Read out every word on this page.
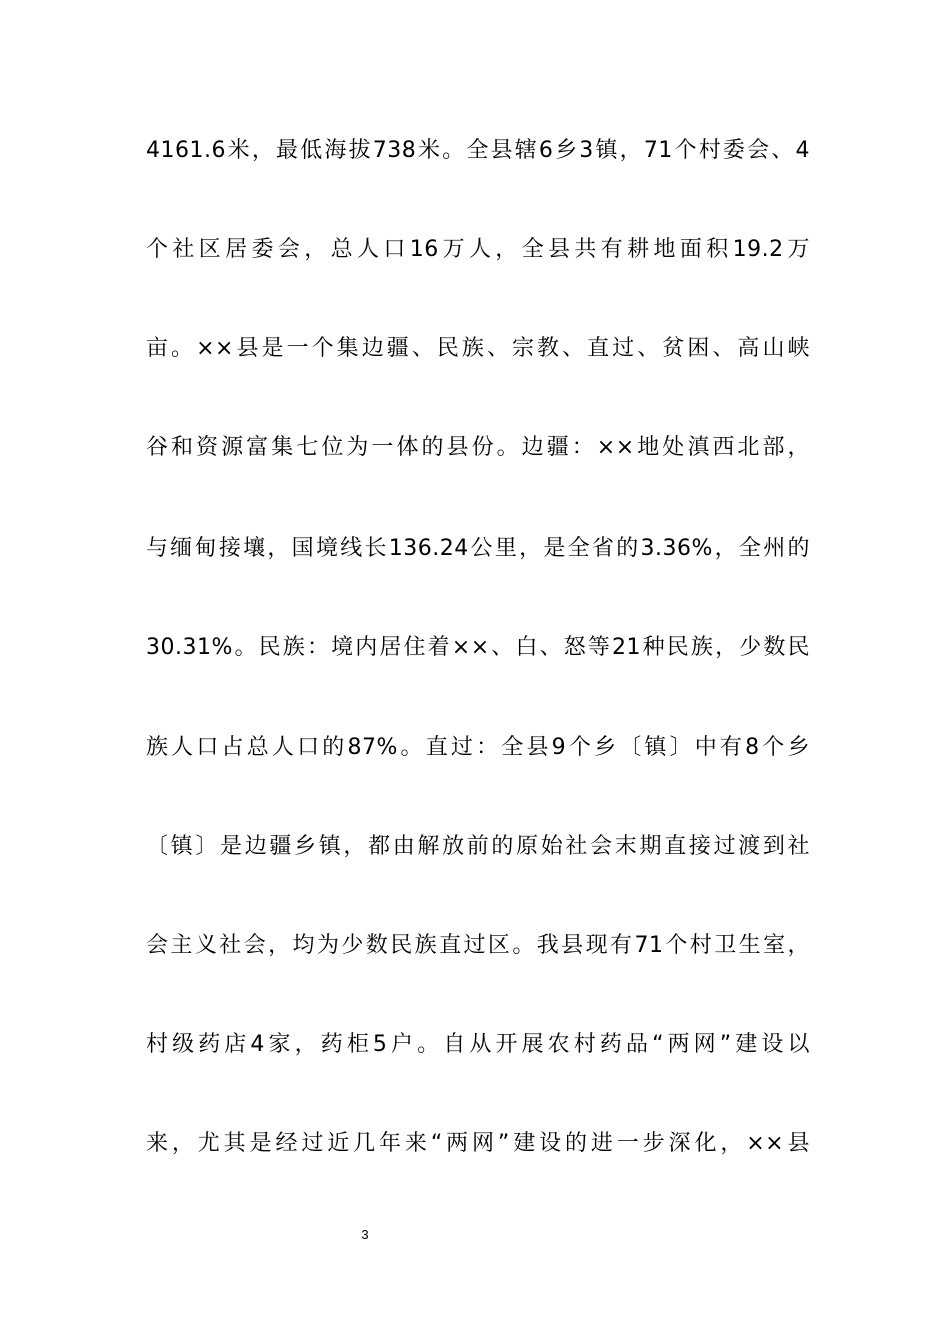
4161.6米，最低海拔738米。全县辖6乡3镇，71个村委会、4
个社区居委会，总人口16万人，全县共有耕地面积19.2万
亩。××县是一个集边疆、民族、宗教、直过、贫困、高山峡
谷和资源富集七位为一体的县份。边疆：××地处滇西北部，
与缅甸接壤，国境线长136.24公里，是全省的3.36%，全州的
30.31%。民族：境内居住着××、白、怒等21种民族，少数民
族人口占总人口的87%。直过：全县9个乡〔镇〕中有8个乡
〔镇〕是边疆乡镇，都由解放前的原始社会末期直接过渡到社
会主义社会，均为少数民族直过区。我县现有71个村卫生室，
村级药店4家，药柜5户。自从开展农村药品“两网”建设以
来，尤其是经过近几年来“两网”建设的进一步深化，××县
3
